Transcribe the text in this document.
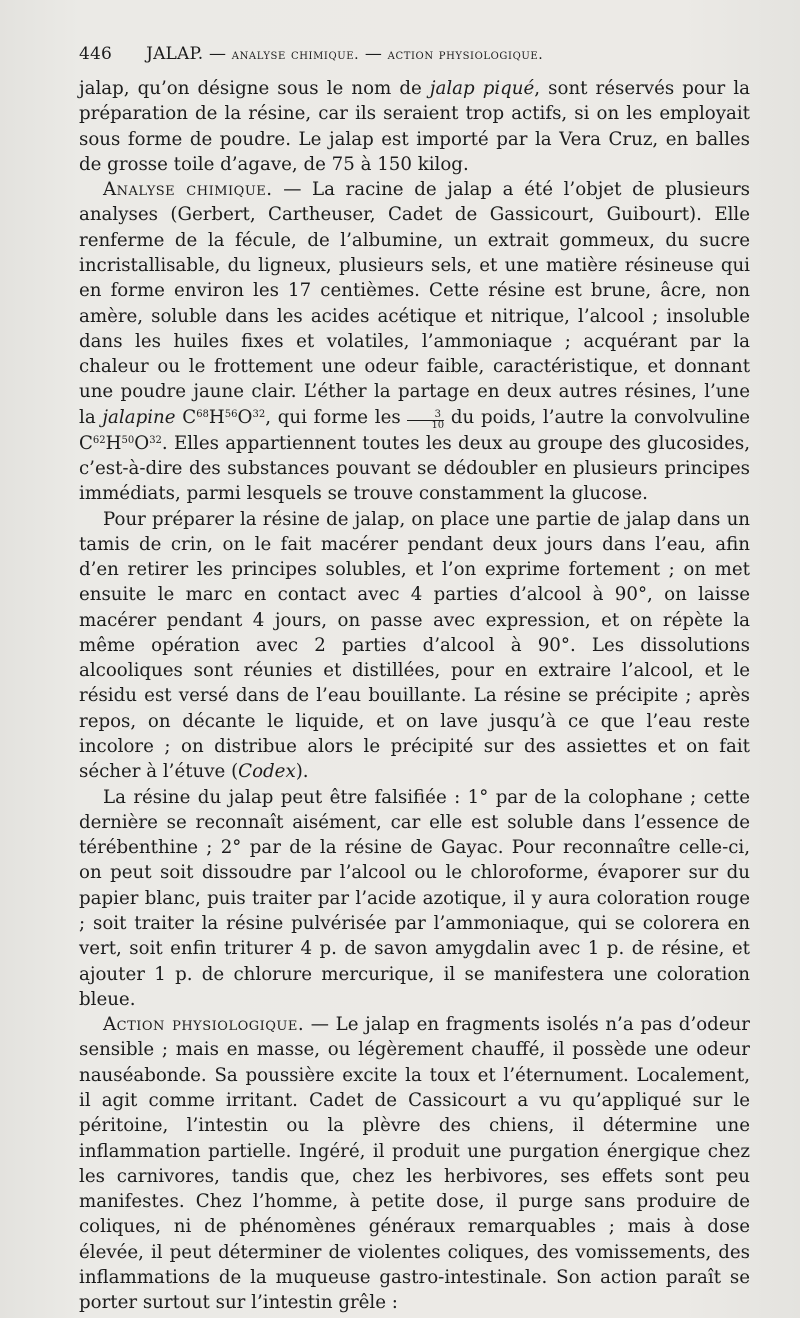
446 JALAP. — analyse chimique. — action physiologique.

jalap, qu’on désigne sous le nom de jalap piqué, sont réservés pour la préparation de la résine, car ils seraient trop actifs, si on les employait sous forme de poudre. Le jalap est importé par la Vera Cruz, en balles de grosse toile d’agave, de 75 à 150 kilog.

Analyse chimique. — La racine de jalap a été l’objet de plusieurs analyses (Gerbert, Cartheuser, Cadet de Gassicourt, Guibourt). Elle renferme de la fécule, de l’albumine, un extrait gommeux, du sucre incristallisable, du ligneux, plusieurs sels, et une matière résineuse qui en forme environ les 17 centièmes. Cette résine est brune, âcre, non amère, soluble dans les acides acétique et nitrique, l’alcool ; insoluble dans les huiles fixes et volatiles, l’ammoniaque ; acquérant par la chaleur ou le frottement une odeur faible, caractéristique, et donnant une poudre jaune clair. L’éther la partage en deux autres résines, l’une la jalapine $C^{68}H^{56}O^{32}$, qui forme les $\frac{3}{10}$ du poids, l’autre la convolvuline $C^{62}H^{50}O^{32}$. Elles appartiennent toutes les deux au groupe des glucosides, c’est-à-dire des substances pouvant se dédoubler en plusieurs principes immédiats, parmi lesquels se trouve constamment la glucose.

Pour préparer la résine de jalap, on place une partie de jalap dans un tamis de crin, on le fait macérer pendant deux jours dans l’eau, afin d’en retirer les principes solubles, et l’on exprime fortement ; on met ensuite le marc en contact avec 4 parties d’alcool à 90°, on laisse macérer pendant 4 jours, on passe avec expression, et on répète la même opération avec 2 parties d’alcool à 90°. Les dissolutions alcooliques sont réunies et distillées, pour en extraire l’alcool, et le résidu est versé dans de l’eau bouillante. La résine se précipite ; après repos, on décante le liquide, et on lave jusqu’à ce que l’eau reste incolore ; on distribue alors le précipité sur des assiettes et on fait sécher à l’étuve (Codex).

La résine du jalap peut être falsifiée : 1° par de la colophane ; cette dernière se reconnaît aisément, car elle est soluble dans l’essence de térébenthine ; 2° par de la résine de Gayac. Pour reconnaître celle-ci, on peut soit dissoudre par l’alcool ou le chloroforme, évaporer sur du papier blanc, puis traiter par l’acide azotique, il y aura coloration rouge ; soit traiter la résine pulvérisée par l’ammoniaque, qui se colorera en vert, soit enfin triturer 4 p. de savon amygdalin avec 1 p. de résine, et ajouter 1 p. de chlorure mercurique, il se manifestera une coloration bleue.

Action physiologique. — Le jalap en fragments isolés n’a pas d’odeur sensible ; mais en masse, ou légèrement chauffé, il possède une odeur nauséabonde. Sa poussière excite la toux et l’éternument. Localement, il agit comme irritant. Cadet de Cassicourt a vu qu’appliqué sur le péritoine, l’intestin ou la plèvre des chiens, il détermine une inflammation partielle. Ingéré, il produit une purgation énergique chez les carnivores, tandis que, chez les herbivores, ses effets sont peu manifestes. Chez l’homme, à petite dose, il purge sans produire de coliques, ni de phénomènes généraux remarquables ; mais à dose élevée, il peut déterminer de violentes coliques, des vomissements, des inflammations de la muqueuse gastro-intestinale. Son action paraît se porter surtout sur l’intestin grêle :
